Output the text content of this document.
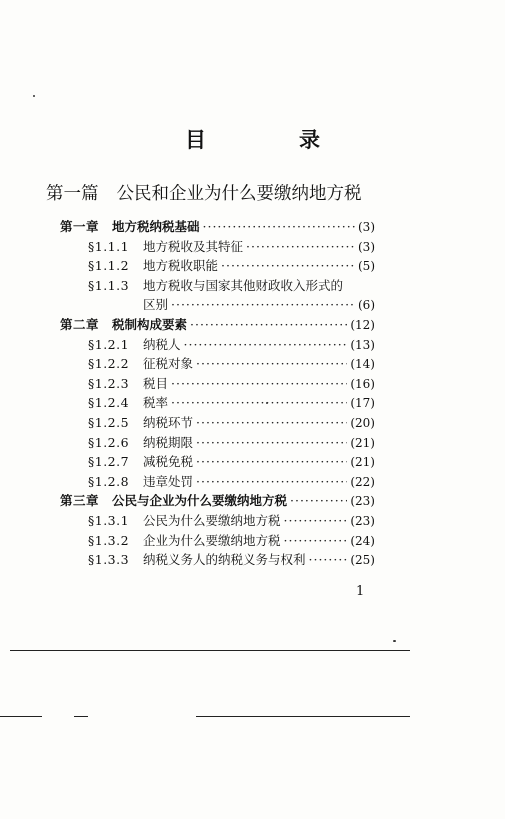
目　录
第一篇 公民和企业为什么要缴纳地方税
第一章	地方税纳税基础 ·····	(3)
§1.1.1	地方税收及其特征 ·····	(3)
§1.1.2	地方税收职能 ·····	(5)
§1.1.3	地方税收与国家其他财政收入形式的
区别 ·····	(6)
第二章	税制构成要素 ·····	(12)
§1.2.1	纳税人 ·····	(13)
§1.2.2	征税对象 ·····	(14)
§1.2.3	税目 ·····	(16)
§1.2.4	税率 ·····	(17)
§1.2.5	纳税环节 ·····	(20)
§1.2.6	纳税期限 ·····	(21)
§1.2.7	减税免税 ·····	(21)
§1.2.8	违章处罚 ·····	(22)
第三章	公民与企业为什么要缴纳地方税 ·····	(23)
§1.3.1	公民为什么要缴纳地方税 ·····	(23)
§1.3.2	企业为什么要缴纳地方税 ·····	(24)
§1.3.3	纳税义务人的纳税义务与权利 ·····	(25)
1
